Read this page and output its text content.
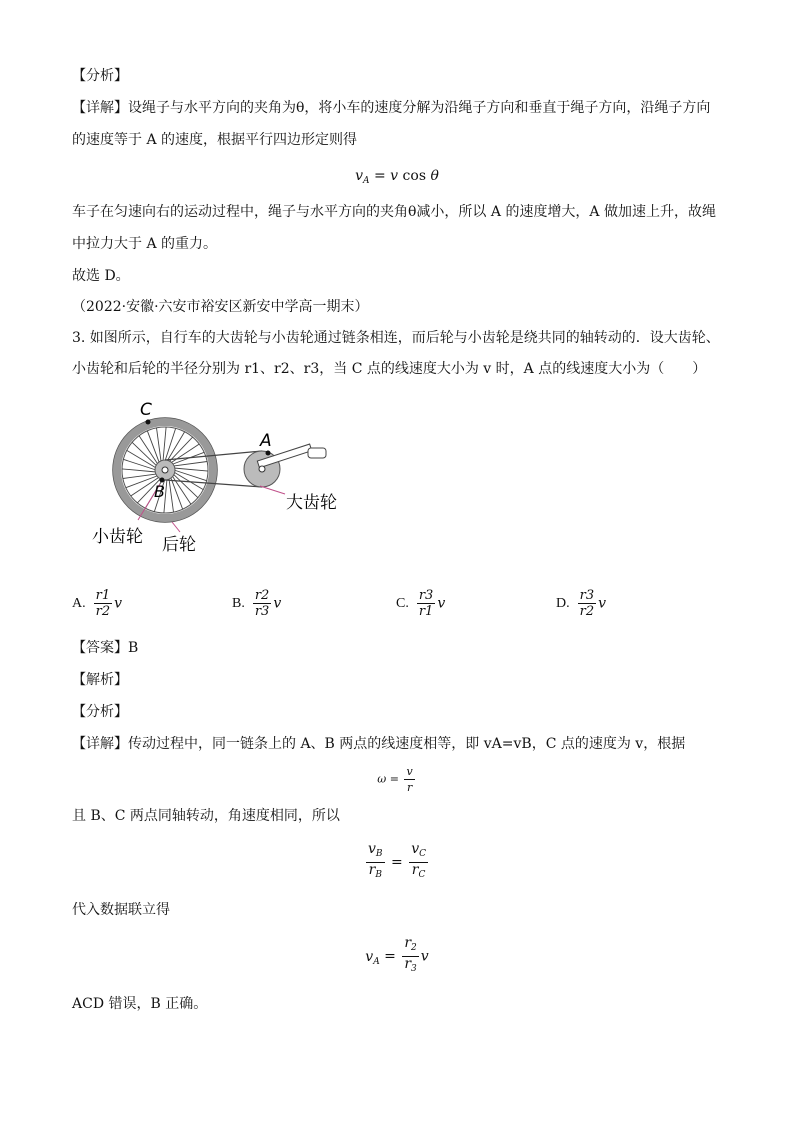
【分析】
【详解】设绳子与水平方向的夹角为θ，将小车的速度分解为沿绳子方向和垂直于绳子方向，沿绳子方向
的速度等于 A 的速度，根据平行四边形定则得
$v_A = v$ cos θ
车子在匀速向右的运动过程中，绳子与水平方向的夹角θ减小，所以 A 的速度增大，A 做加速上升，故绳
中拉力大于 A 的重力。
故选 D。
（2022·安徽·六安市裕安区新安中学高一期末）
3. 如图所示，自行车的大齿轮与小齿轮通过链条相连，而后轮与小齿轮是绕共同的轴转动的．设大齿轮、
小齿轮和后轮的半径分别为 r1、r2、r3，当 C 点的线速度大小为 v 时，A 点的线速度大小为（　　）
C
A
B
大齿轮
小齿轮 后轮
A. $\frac{r1}{r2}$ v	B. $\frac{r2}{r3}$ v	C. $\frac{r3}{r1}$ v	D. $\frac{r3}{r2}$ v
【答案】B
【解析】
【分析】
【详解】传动过程中，同一链条上的 A、B 两点的线速度相等，即 vA=vB，C 点的速度为 v，根据
$\omega = \frac{v}{r}$
且 B、C 两点同轴转动，角速度相同，所以
$\frac{v_B}{r_B} = \frac{v_C}{r_C}$
代入数据联立得
$v_A = \frac{r_2}{r_3}$ v
ACD 错误，B 正确。
